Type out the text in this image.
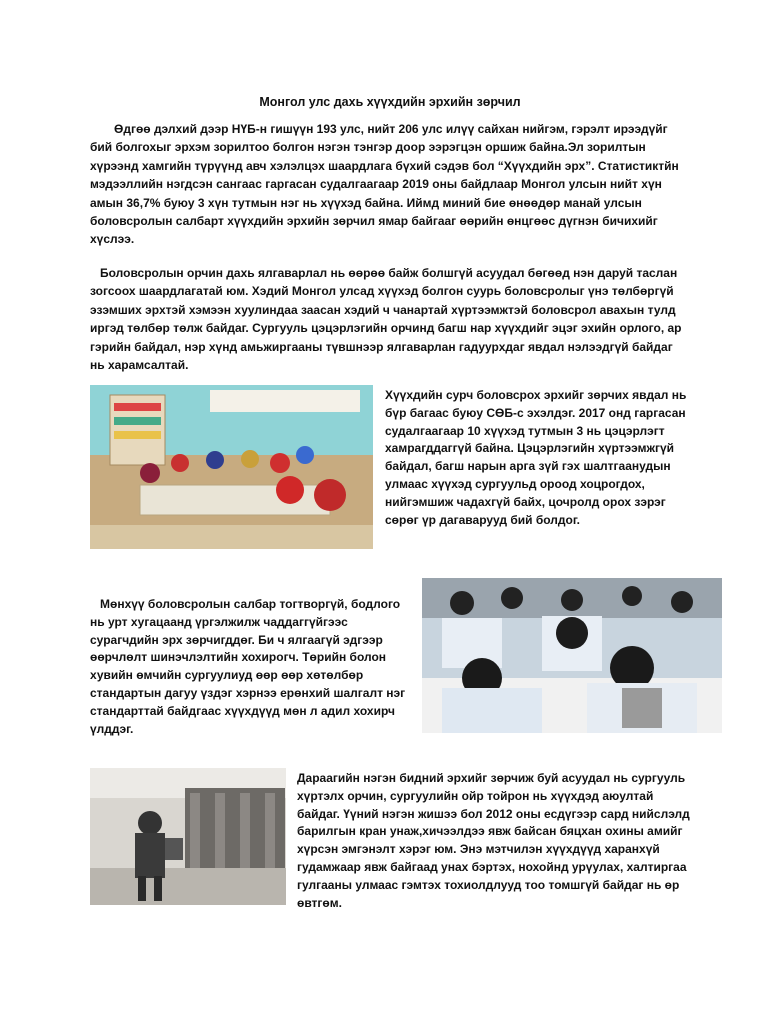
Монгол улс дахь хүүхдийн эрхийн зөрчил

Өдгөө дэлхий дээр НҮБ-н гишүүн 193 улс, нийт 206 улс илүү сайхан нийгэм, гэрэлт ирээдүйг бий болгохыг эрхэм зорилтоо болгон нэгэн тэнгэр доор ээрэгцэн оршиж байна.Эл зорилтын хүрээнд хамгийн түрүүнд авч хэлэлцэх шаардлага бүхий сэдэв бол “Хүүхдийн эрх”. Статистиктйн мэдээллийн нэгдсэн сангаас гаргасан судалгаагаар 2019 оны байдлаар Монгол улсын нийт хүн амын 36,7% буюу 3 хүн тутмын нэг нь хүүхэд байна. Иймд миний бие өнөөдөр манай улсын боловсролын салбарт хүүхдийн эрхийн зөрчил ямар байгааг өөрийн өнцгөөс дүгнэн бичихийг хүслээ.

Боловсролын орчин дахь ялгаварлал нь өөрөө байж болшгүй асуудал бөгөөд нэн даруй таслан зогсоох шаардлагатай юм. Хэдий Монгол улсад хүүхэд болгон суурь боловсролыг үнэ төлбөргүй эзэмших эрхтэй хэмээн хуулиндаа заасан хэдий ч чанартай хүртээмжтэй боловсрол авахын тулд иргэд төлбөр төлж байдаг. Сургууль цэцэрлэгийн орчинд багш нар хүүхдийг эцэг эхийн орлого, ар гэрийн байдал, нэр хүнд амьжиргааны түвшнээр ялгаварлан гадуурхдаг явдал нэлээдгүй байдаг нь харамсалтай.

Хүүхдийн сурч боловсрох эрхийг зөрчих явдал нь бүр багаас буюу СӨБ-с эхэлдэг. 2017 онд гаргасан судалгаагаар 10 хүүхэд тутмын 3 нь цэцэрлэгт хамрагддаггүй байна. Цэцэрлэгийн хүртээмжгүй байдал, багш нарын арга зүй гэх шалтгаанудын улмаас хүүхэд сургуульд ороод хоцрогдох, нийгэмшиж чадахгүй байх, цочролд орох зэрэг сөрөг үр дагаварууд бий болдог.

Мөнхүү боловсролын салбар тогтворгүй, бодлого нь урт хугацаанд үргэлжилж чаддаггүйгээс сурагчдийн эрх зөрчигддөг. Би ч ялгаагүй эдгээр өөрчлөлт шинэчлэлтийн хохирогч. Төрийн болон хувийн өмчийн сургуулиуд өөр өөр хөтөлбөр стандартын дагуу үздэг хэрнээ ерөнхий шалгалт нэг стандарттай байдгаас хүүхдүүд мөн л адил хохирч үлддэг.

Дараагийн нэгэн бидний эрхийг зөрчиж буй асуудал нь сургууль хүртэлх орчин, сургуулийн ойр тойрон нь хүүхдэд аюултай байдаг. Үүний нэгэн жишээ бол 2012 оны есдүгээр сард нийслэлд барилгын кран унаж,хичээлдээ явж байсан бяцхан охины амийг хүрсэн эмгэнэлт хэрэг юм. Энэ мэтчилэн хүүхдүүд харанхүй гудамжаар явж байгаад унах бэртэх, нохойнд урүулах, халтиргаа гулгааны улмаас гэмтэх тохиолдлууд тоо томшгүй байдаг нь өр өвтгөм.
